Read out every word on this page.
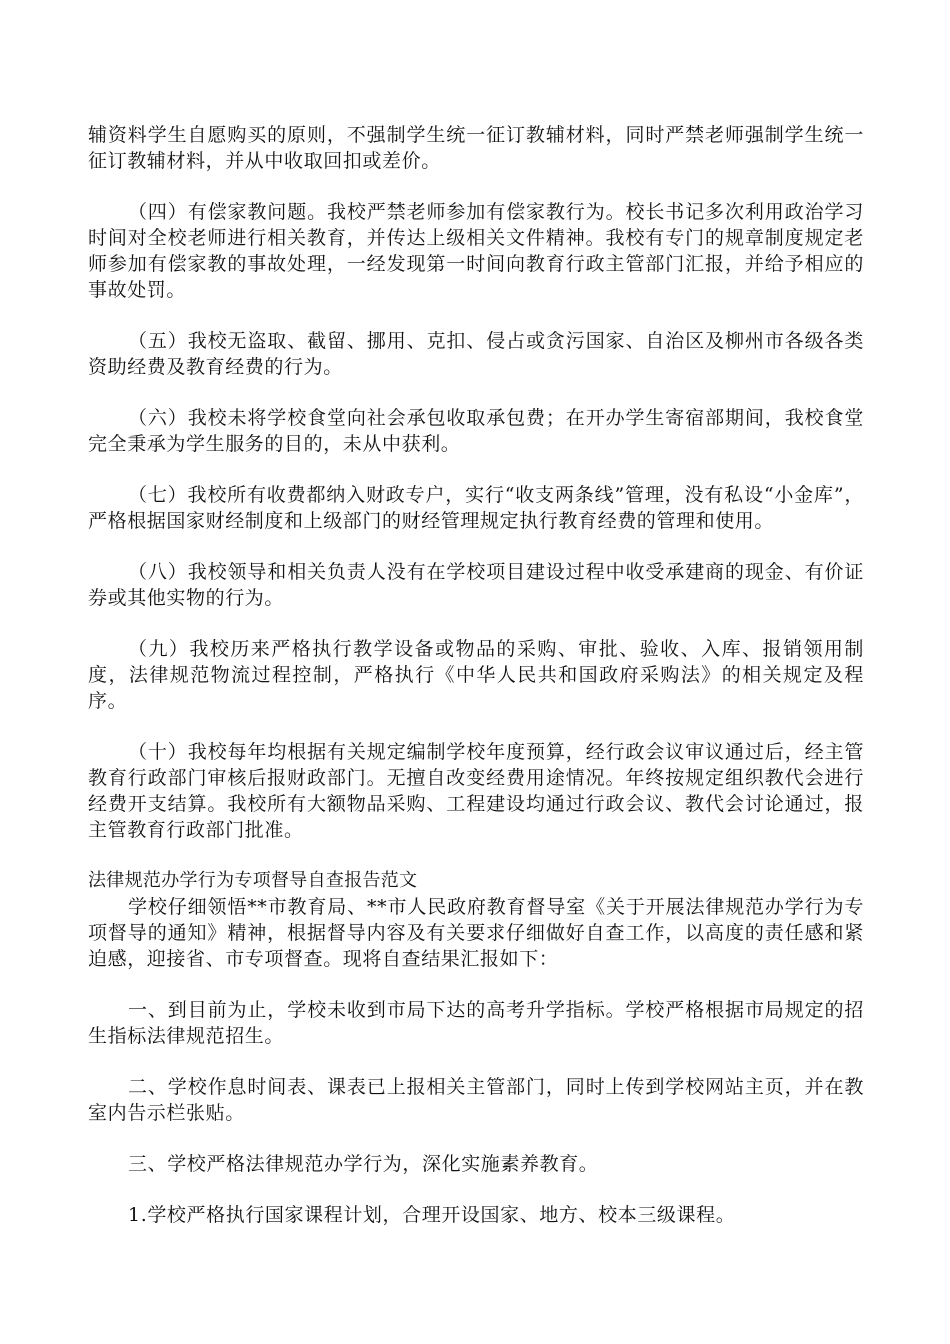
辅资料学生自愿购买的原则，不强制学生统一征订教辅材料，同时严禁老师强制学生统一征订教辅材料，并从中收取回扣或差价。

（四）有偿家教问题。我校严禁老师参加有偿家教行为。校长书记多次利用政治学习时间对全校老师进行相关教育，并传达上级相关文件精神。我校有专门的规章制度规定老师参加有偿家教的事故处理，一经发现第一时间向教育行政主管部门汇报，并给予相应的事故处罚。

（五）我校无盗取、截留、挪用、克扣、侵占或贪污国家、自治区及柳州市各级各类资助经费及教育经费的行为。

（六）我校未将学校食堂向社会承包收取承包费；在开办学生寄宿部期间，我校食堂完全秉承为学生服务的目的，未从中获利。

（七）我校所有收费都纳入财政专户，实行“收支两条线”管理，没有私设“小金库”，严格根据国家财经制度和上级部门的财经管理规定执行教育经费的管理和使用。

（八）我校领导和相关负责人没有在学校项目建设过程中收受承建商的现金、有价证券或其他实物的行为。

（九）我校历来严格执行教学设备或物品的采购、审批、验收、入库、报销领用制度，法律规范物流过程控制，严格执行《中华人民共和国政府采购法》的相关规定及程序。

（十）我校每年均根据有关规定编制学校年度预算，经行政会议审议通过后，经主管教育行政部门审核后报财政部门。无擅自改变经费用途情况。年终按规定组织教代会进行经费开支结算。我校所有大额物品采购、工程建设均通过行政会议、教代会讨论通过，报主管教育行政部门批准。

法律规范办学行为专项督导自查报告范文

学校仔细领悟**市教育局、**市人民政府教育督导室《关于开展法律规范办学行为专项督导的通知》精神，根据督导内容及有关要求仔细做好自查工作，以高度的责任感和紧迫感，迎接省、市专项督查。现将自查结果汇报如下：

一、到目前为止，学校未收到市局下达的高考升学指标。学校严格根据市局规定的招生指标法律规范招生。

二、学校作息时间表、课表已上报相关主管部门，同时上传到学校网站主页，并在教室内告示栏张贴。

三、学校严格法律规范办学行为，深化实施素养教育。

1.学校严格执行国家课程计划，合理开设国家、地方、校本三级课程。
